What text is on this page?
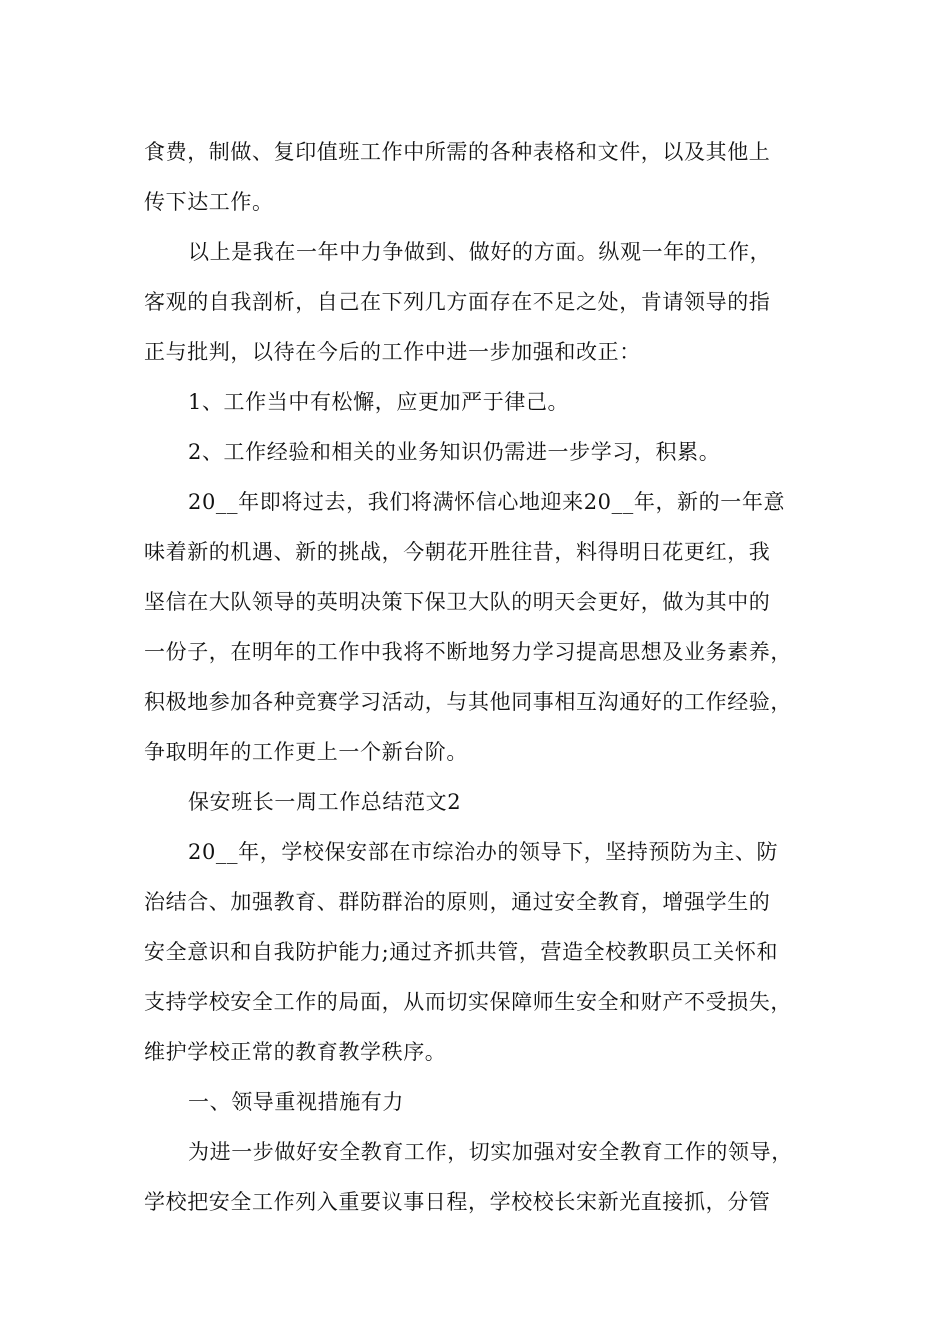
食费，制做、复印值班工作中所需的各种表格和文件，以及其他上
传下达工作。
以上是我在一年中力争做到、做好的方面。纵观一年的工作，
客观的自我剖析，自己在下列几方面存在不足之处，肯请领导的指
正与批判，以待在今后的工作中进一步加强和改正：
1、工作当中有松懈，应更加严于律己。
2、工作经验和相关的业务知识仍需进一步学习，积累。
20__年即将过去，我们将满怀信心地迎来20__年，新的一年意
味着新的机遇、新的挑战，今朝花开胜往昔，料得明日花更红，我
坚信在大队领导的英明决策下保卫大队的明天会更好，做为其中的
一份子，在明年的工作中我将不断地努力学习提高思想及业务素养，
积极地参加各种竞赛学习活动，与其他同事相互沟通好的工作经验，
争取明年的工作更上一个新台阶。
保安班长一周工作总结范文2
20__年，学校保安部在市综治办的领导下，坚持预防为主、防
治结合、加强教育、群防群治的原则，通过安全教育，增强学生的
安全意识和自我防护能力;通过齐抓共管，营造全校教职员工关怀和
支持学校安全工作的局面，从而切实保障师生安全和财产不受损失，
维护学校正常的教育教学秩序。
一、领导重视措施有力
为进一步做好安全教育工作，切实加强对安全教育工作的领导，
学校把安全工作列入重要议事日程，学校校长宋新光直接抓，分管
